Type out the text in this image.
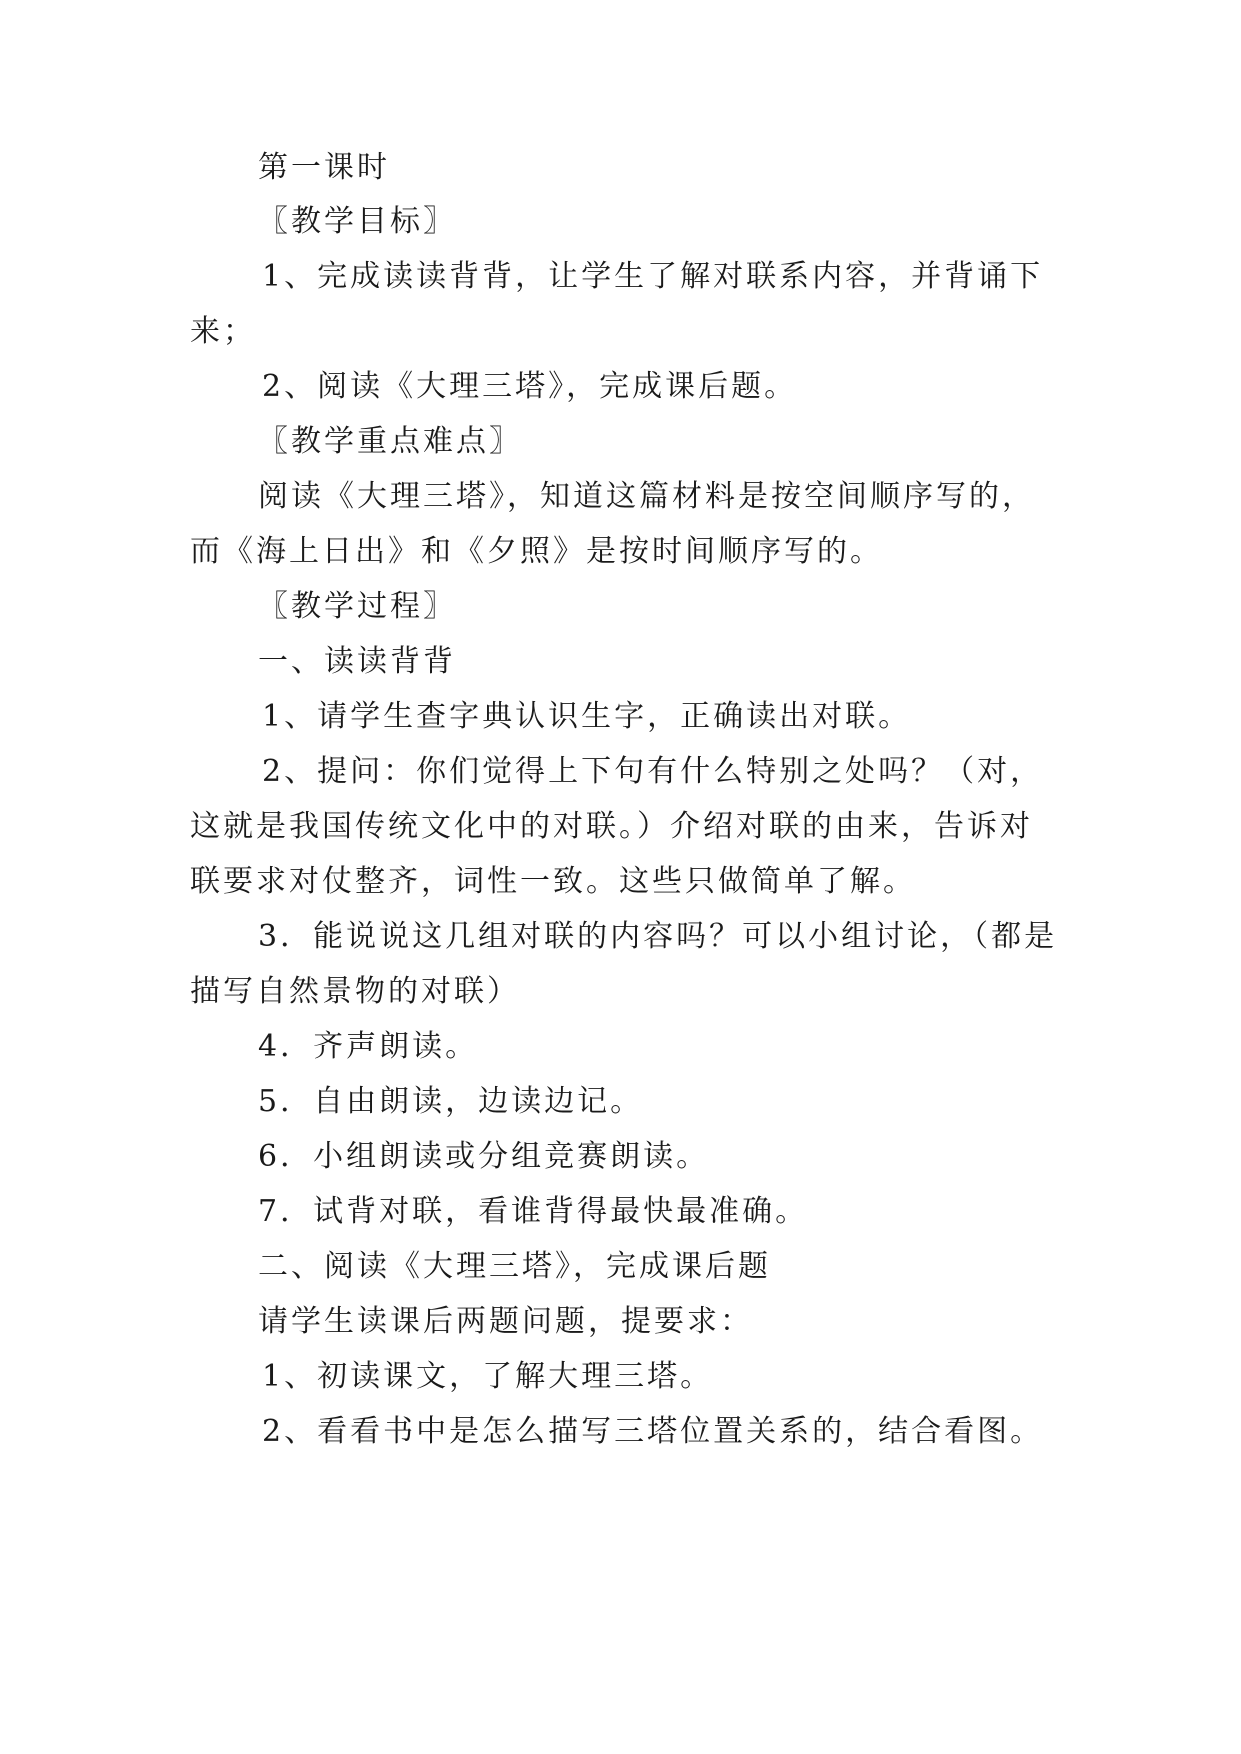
第一课时
〖教学目标〗
1、完成读读背背，让学生了解对联系内容，并背诵下
来；
2、阅读《大理三塔》，完成课后题。
〖教学重点难点〗
阅读《大理三塔》，知道这篇材料是按空间顺序写的，
而《海上日出》和《夕照》是按时间顺序写的。
〖教学过程〗
一、读读背背
1、请学生查字典认识生字，正确读出对联。
2、提问：你们觉得上下句有什么特别之处吗？（对，
这就是我国传统文化中的对联。）介绍对联的由来，告诉对
联要求对仗整齐，词性一致。这些只做简单了解。
3．能说说这几组对联的内容吗？可以小组讨论，（都是
描写自然景物的对联）
4．齐声朗读。
5．自由朗读，边读边记。
6．小组朗读或分组竞赛朗读。
7．试背对联，看谁背得最快最准确。
二、阅读《大理三塔》，完成课后题
请学生读课后两题问题，提要求：
1、初读课文，了解大理三塔。
2、看看书中是怎么描写三塔位置关系的，结合看图。
